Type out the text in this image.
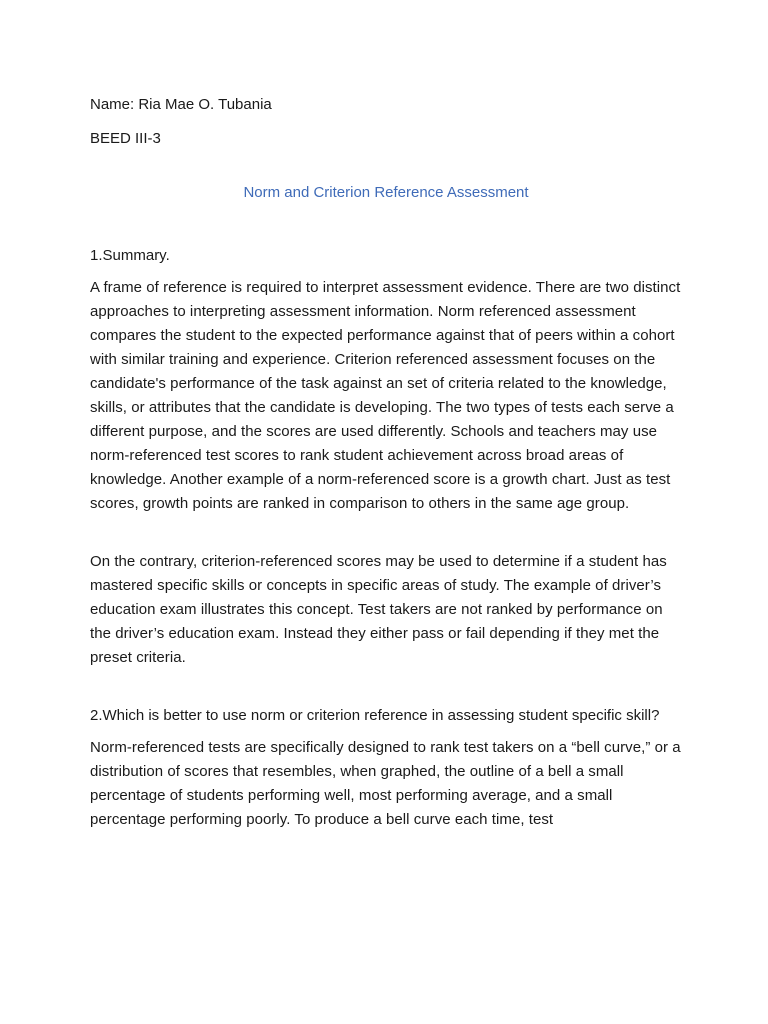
Name: Ria Mae O. Tubania

BEED III-3

Norm and Criterion Reference Assessment

1.Summary.

A frame of reference is required to interpret assessment evidence. There are two distinct approaches to interpreting assessment information. Norm referenced assessment compares the student to the expected performance against that of peers within a cohort with similar training and experience. Criterion referenced assessment focuses on the candidate's performance of the task against an set of criteria related to the knowledge, skills, or attributes that the candidate is developing. The two types of tests each serve a different purpose, and the scores are used differently. Schools and teachers may use norm-referenced test scores to rank student achievement across broad areas of knowledge. Another example of a norm-referenced score is a growth chart. Just as test scores, growth points are ranked in comparison to others in the same age group.

On the contrary, criterion-referenced scores may be used to determine if a student has mastered specific skills or concepts in specific areas of study. The example of driver’s education exam illustrates this concept. Test takers are not ranked by performance on the driver’s education exam. Instead they either pass or fail depending if they met the preset criteria.

2.Which is better to use norm or criterion reference in assessing student specific skill?

Norm-referenced tests are specifically designed to rank test takers on a “bell curve,” or a distribution of scores that resembles, when graphed, the outline of a bell a small percentage of students performing well, most performing average, and a small percentage performing poorly. To produce a bell curve each time, test
